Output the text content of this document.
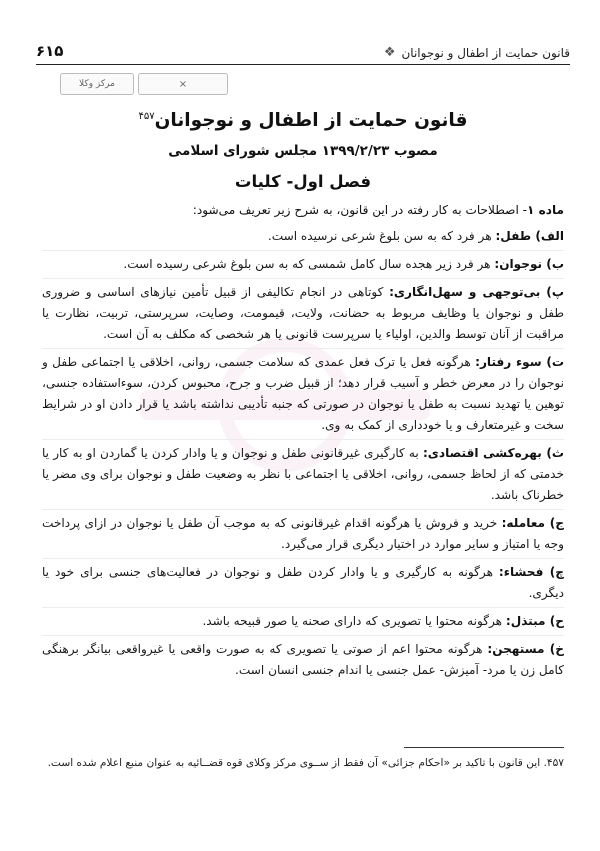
قانون حمایت از اطفال و نوجوانان
❖
۶۱۵
مرکز وکلا	×
قانون حمایت از اطفال و نوجوانان$^{۴۵۷}$
مصوب ۱۳۹۹/۲/۲۳ مجلس شورای اسلامی
فصل اول- کلیات

ماده ۱- اصطلاحات به کار رفته در این قانون، به شرح زیر تعریف می‌شود:

الف) طفل: هر فرد که به سن بلوغ شرعی نرسیده است.

ب) نوجوان: هر فرد زیر هجده سال کامل شمسی که به سن بلوغ شرعی رسیده است.

پ) بی‌توجهی و سهل‌انگاری: کوتاهی در انجام تکالیفی از قبیل تأمین نیازهای اساسی و ضروری طفل و نوجوان یا وظایف مربوط به حضانت، ولایت، قیمومت، وصایت، سرپرستی، تربیت، نظارت یا مراقبت از آنان توسط والدین، اولیاء یا سرپرست قانونی یا هر شخصی که مکلف به آن است.

ت) سوء رفتار: هرگونه فعل یا ترک فعل عمدی که سلامت جسمی، روانی، اخلاقی یا اجتماعی طفل و نوجوان را در معرض خطر و آسیب قرار دهد؛ از قبیل ضرب و جرح، محبوس کردن، سوءاستفاده جنسی، توهین یا تهدید نسبت به طفل یا نوجوان در صورتی که جنبه تأدیبی نداشته باشد یا قرار دادن او در شرایط سخت و غیرمتعارف و یا خودداری از کمک به وی.

ث) بهره‌کشی اقتصادی: به کارگیری غیرقانونی طفل و نوجوان و یا وادار کردن یا گماردن او به کار یا خدمتی که از لحاظ جسمی، روانی، اخلاقی یا اجتماعی با نظر به وضعیت طفل و نوجوان برای وی مضر یا خطرناک باشد.

ج) معامله: خرید و فروش یا هرگونه اقدام غیرقانونی که به موجب آن طفل یا نوجوان در ازای پرداخت وجه یا امتیاز و سایر موارد در اختیار دیگری قرار می‌گیرد.

چ) فحشاء: هرگونه به کارگیری و یا وادار کردن طفل و نوجوان در فعالیت‌های جنسی برای خود یا دیگری.

ح) مبتذل: هرگونه محتوا یا تصویری که دارای صحنه یا صور قبیحه باشد.

خ) مستهجن: هرگونه محتوا اعم از صوتی یا تصویری که به صورت واقعی یا غیرواقعی بیانگر برهنگی کامل زن یا مرد- آمیزش- عمل جنسی یا اندام جنسی انسان است.

۴۵۷. این قانون با تاکید بر «احکام جزائی» آن فقط از ســوی مرکز وکلای قوه قضــائیه به عنوان منبع اعلام شده است.
